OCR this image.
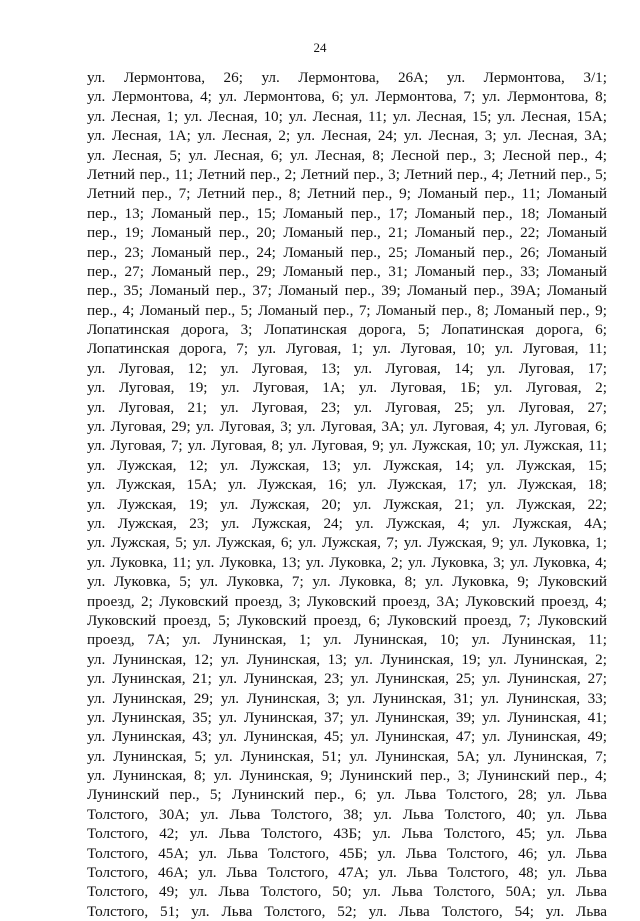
24
ул. Лермонтова, 26; ул. Лермонтова, 26А; ул. Лермонтова, 3/1;
ул. Лермонтова, 4; ул. Лермонтова, 6; ул. Лермонтова, 7; ул. Лермонтова, 8;
ул. Лесная, 1; ул. Лесная, 10; ул. Лесная, 11; ул. Лесная, 15; ул. Лесная, 15А;
ул. Лесная, 1А; ул. Лесная, 2; ул. Лесная, 24; ул. Лесная, 3; ул. Лесная, 3А;
ул. Лесная, 5; ул. Лесная, 6; ул. Лесная, 8; Лесной пер., 3; Лесной пер., 4;
Летний пер., 11; Летний пер., 2; Летний пер., 3; Летний пер., 4; Летний пер., 5;
Летний пер., 7; Летний пер., 8; Летний пер., 9; Ломаный пер., 11; Ломаный
пер., 13; Ломаный пер., 15; Ломаный пер., 17; Ломаный пер., 18; Ломаный
пер., 19; Ломаный пер., 20; Ломаный пер., 21; Ломаный пер., 22; Ломаный
пер., 23; Ломаный пер., 24; Ломаный пер., 25; Ломаный пер., 26; Ломаный
пер., 27; Ломаный пер., 29; Ломаный пер., 31; Ломаный пер., 33; Ломаный
пер., 35; Ломаный пер., 37; Ломаный пер., 39; Ломаный пер., 39А; Ломаный
пер., 4; Ломаный пер., 5; Ломаный пер., 7; Ломаный пер., 8; Ломаный пер., 9;
Лопатинская дорога, 3; Лопатинская дорога, 5; Лопатинская дорога, 6;
Лопатинская дорога, 7; ул. Луговая, 1; ул. Луговая, 10; ул. Луговая, 11;
ул. Луговая, 12; ул. Луговая, 13; ул. Луговая, 14; ул. Луговая, 17;
ул. Луговая, 19; ул. Луговая, 1А; ул. Луговая, 1Б; ул. Луговая, 2;
ул. Луговая, 21; ул. Луговая, 23; ул. Луговая, 25; ул. Луговая, 27;
ул. Луговая, 29; ул. Луговая, 3; ул. Луговая, 3А; ул. Луговая, 4; ул. Луговая, 6;
ул. Луговая, 7; ул. Луговая, 8; ул. Луговая, 9; ул. Лужская, 10; ул. Лужская, 11;
ул. Лужская, 12; ул. Лужская, 13; ул. Лужская, 14; ул. Лужская, 15;
ул. Лужская, 15А; ул. Лужская, 16; ул. Лужская, 17; ул. Лужская, 18;
ул. Лужская, 19; ул. Лужская, 20; ул. Лужская, 21; ул. Лужская, 22;
ул. Лужская, 23; ул. Лужская, 24; ул. Лужская, 4; ул. Лужская, 4А;
ул. Лужская, 5; ул. Лужская, 6; ул. Лужская, 7; ул. Лужская, 9; ул. Луковка, 1;
ул. Луковка, 11; ул. Луковка, 13; ул. Луковка, 2; ул. Луковка, 3; ул. Луковка, 4;
ул. Луковка, 5; ул. Луковка, 7; ул. Луковка, 8; ул. Луковка, 9; Луковский
проезд, 2; Луковский проезд, 3; Луковский проезд, 3А; Луковский проезд, 4;
Луковский проезд, 5; Луковский проезд, 6; Луковский проезд, 7; Луковский
проезд, 7А; ул. Лунинская, 1; ул. Лунинская, 10; ул. Лунинская, 11;
ул. Лунинская, 12; ул. Лунинская, 13; ул. Лунинская, 19; ул. Лунинская, 2;
ул. Лунинская, 21; ул. Лунинская, 23; ул. Лунинская, 25; ул. Лунинская, 27;
ул. Лунинская, 29; ул. Лунинская, 3; ул. Лунинская, 31; ул. Лунинская, 33;
ул. Лунинская, 35; ул. Лунинская, 37; ул. Лунинская, 39; ул. Лунинская, 41;
ул. Лунинская, 43; ул. Лунинская, 45; ул. Лунинская, 47; ул. Лунинская, 49;
ул. Лунинская, 5; ул. Лунинская, 51; ул. Лунинская, 5А; ул. Лунинская, 7;
ул. Лунинская, 8; ул. Лунинская, 9; Лунинский пер., 3; Лунинский пер., 4;
Лунинский пер., 5; Лунинский пер., 6; ул. Льва Толстого, 28; ул. Льва
Толстого, 30А; ул. Льва Толстого, 38; ул. Льва Толстого, 40; ул. Льва
Толстого, 42; ул. Льва Толстого, 43Б; ул. Льва Толстого, 45; ул. Льва
Толстого, 45А; ул. Льва Толстого, 45Б; ул. Льва Толстого, 46; ул. Льва
Толстого, 46А; ул. Льва Толстого, 47А; ул. Льва Толстого, 48; ул. Льва
Толстого, 49; ул. Льва Толстого, 50; ул. Льва Толстого, 50А; ул. Льва
Толстого, 51; ул. Льва Толстого, 52; ул. Льва Толстого, 54; ул. Льва
